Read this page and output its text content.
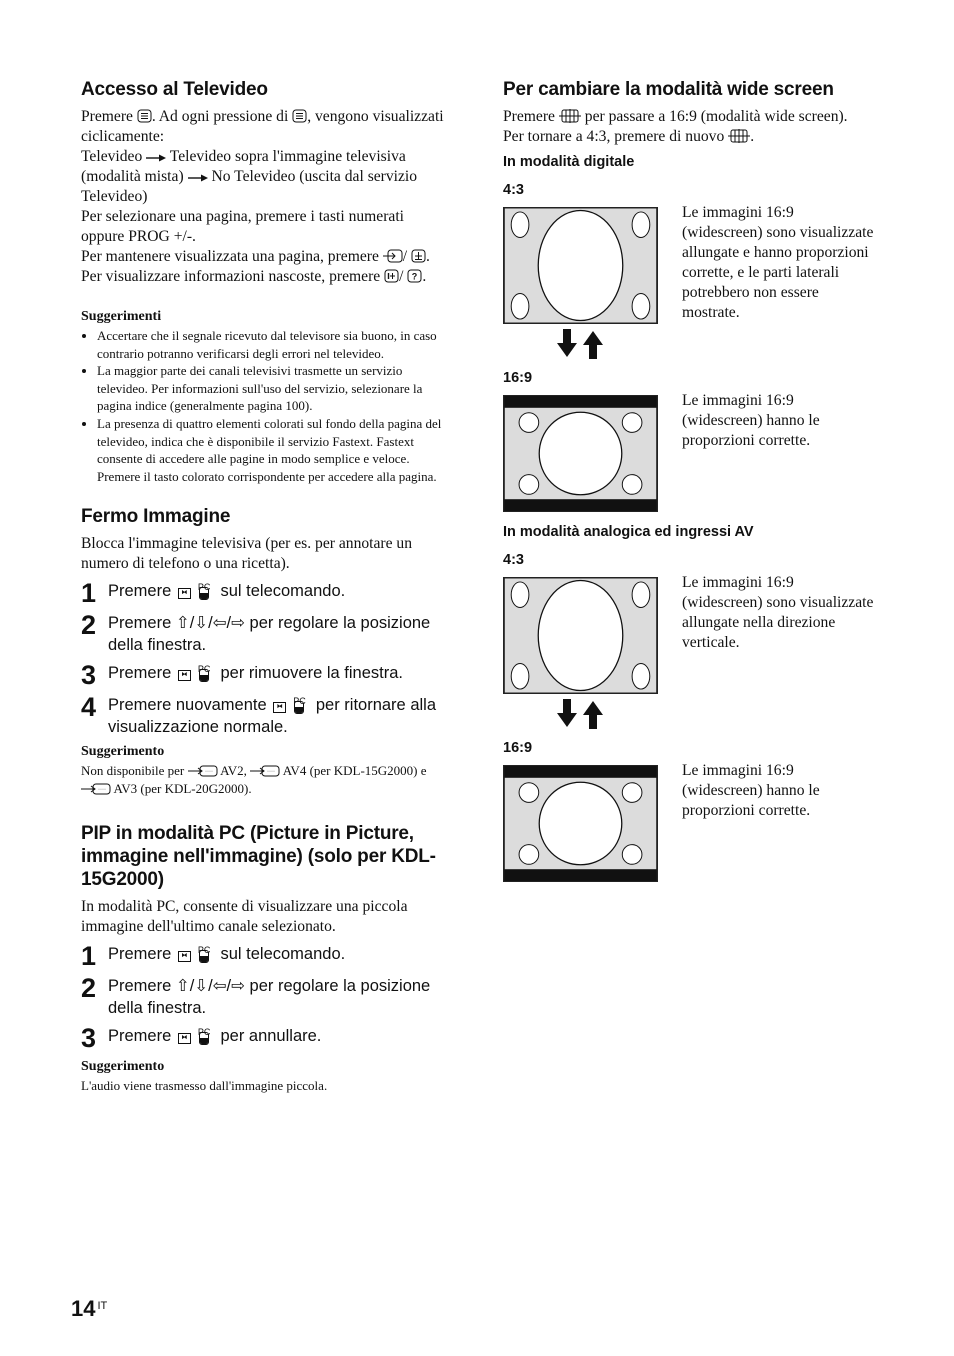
Accesso al Televideo

Premere . Ad ogni pressione di , vengono visualizzati ciclicamente:
Televideo Televideo sopra l'immagine televisiva (modalità mista) No Televideo (uscita dal servizio Televideo)
Per selezionare una pagina, premere i tasti numerati oppure PROG +/-.
Per mantenere visualizzata una pagina, premere / .
Per visualizzare informazioni nascoste, premere / ? .

Suggerimenti
• Accertare che il segnale ricevuto dal televisore sia buono, in caso contrario potranno verificarsi degli errori nel televideo.
• La maggior parte dei canali televisivi trasmette un servizio televideo. Per informazioni sull'uso del servizio, selezionare la pagina indice (generalmente pagina 100).
• La presenza di quattro elementi colorati sul fondo della pagina del televideo, indica che è disponibile il servizio Fastext. Fastext consente di accedere alle pagine in modo semplice e veloce. Premere il tasto colorato corrispondente per accedere alla pagina.
Fermo Immagine

Blocca l'immagine televisiva (per es. per annotare un numero di telefono o una ricetta).

1 Premere	⧓
PC sul telecomando.
2 Premere ⇧/⇩/⇦/⇨ per regolare la posizione della finestra.
3 Premere	⧓
PC per rimuovere la finestra.
4 Premere nuovamente	⧓
PC per ritornare alla visualizzazione normale.
Suggerimento

Non disponibile per	···· AV2,	···· AV4 (per KDL-15G2000) e
···· AV3 (per KDL-20G2000).

PIP in modalità PC (Picture in Picture, immagine nell'immagine) (solo per KDL-15G2000)

In modalità PC, consente di visualizzare una piccola immagine dell'ultimo canale selezionato.

1 Premere	⧓
PC sul telecomando.
2 Premere ⇧/⇩/⇦/⇨ per regolare la posizione della finestra.
3 Premere	⧓
PC per annullare.
Suggerimento

L'audio viene trasmesso dall'immagine piccola.

Per cambiare la modalità wide screen

Premere per passare a 16:9 (modalità wide screen).
Per tornare a 4:3, premere di nuovo .

In modalità digitale
4:3
Le immagini 16:9 (widescreen) sono visualizzate allungate e hanno proporzioni corrette, e le parti laterali potrebbero non essere mostrate.
16:9
Le immagini 16:9 (widescreen) hanno le proporzioni corrette.
In modalità analogica ed ingressi AV
4:3
Le immagini 16:9 (widescreen) sono visualizzate allungate nella direzione verticale.
16:9
Le immagini 16:9 (widescreen) hanno le proporzioni corrette.
14 $^{IT}$
